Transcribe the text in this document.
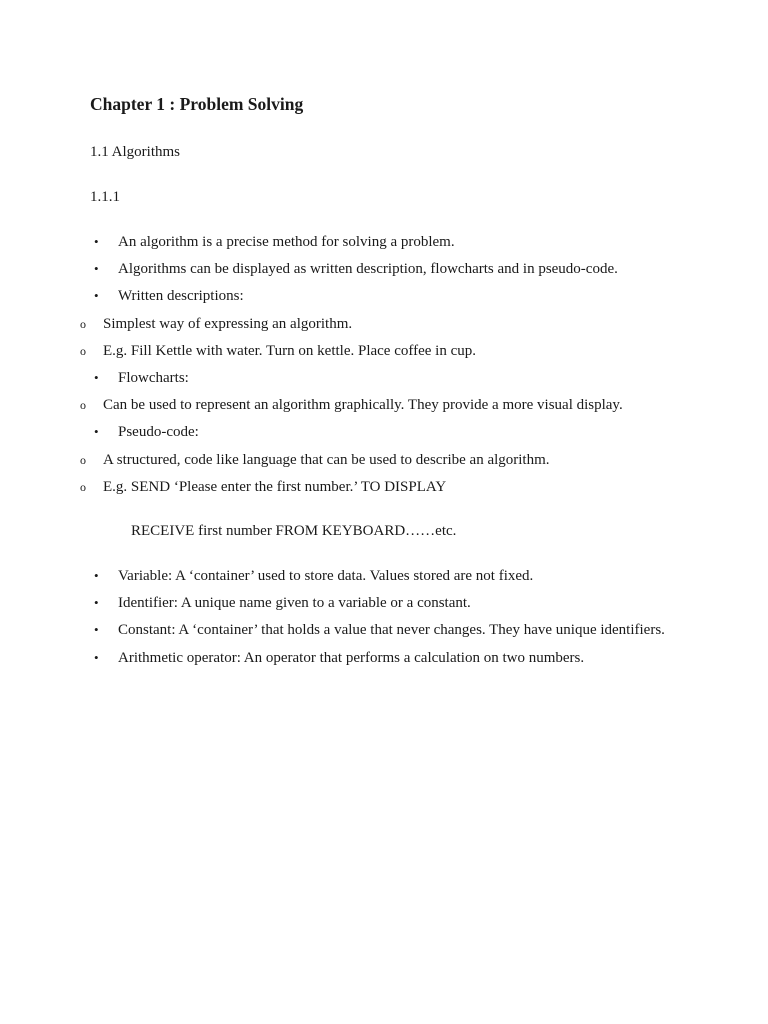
Chapter 1 : Problem Solving

1.1 Algorithms

1.1.1

• An algorithm is a precise method for solving a problem.
• Algorithms can be displayed as written description, flowcharts and in pseudo-code.
• Written descriptions:
o Simplest way of expressing an algorithm.
o E.g. Fill Kettle with water. Turn on kettle. Place coffee in cup.
• Flowcharts:
o Can be used to represent an algorithm graphically. They provide a more visual display.
• Pseudo-code:
o A structured, code like language that can be used to describe an algorithm.
o E.g. SEND ‘Please enter the first number.’ TO DISPLAY

RECEIVE first number FROM KEYBOARD……etc.

• Variable: A ‘container’ used to store data. Values stored are not fixed.
• Identifier: A unique name given to a variable or a constant.
• Constant: A ‘container’ that holds a value that never changes. They have unique identifiers.
• Arithmetic operator: An operator that performs a calculation on two numbers.
